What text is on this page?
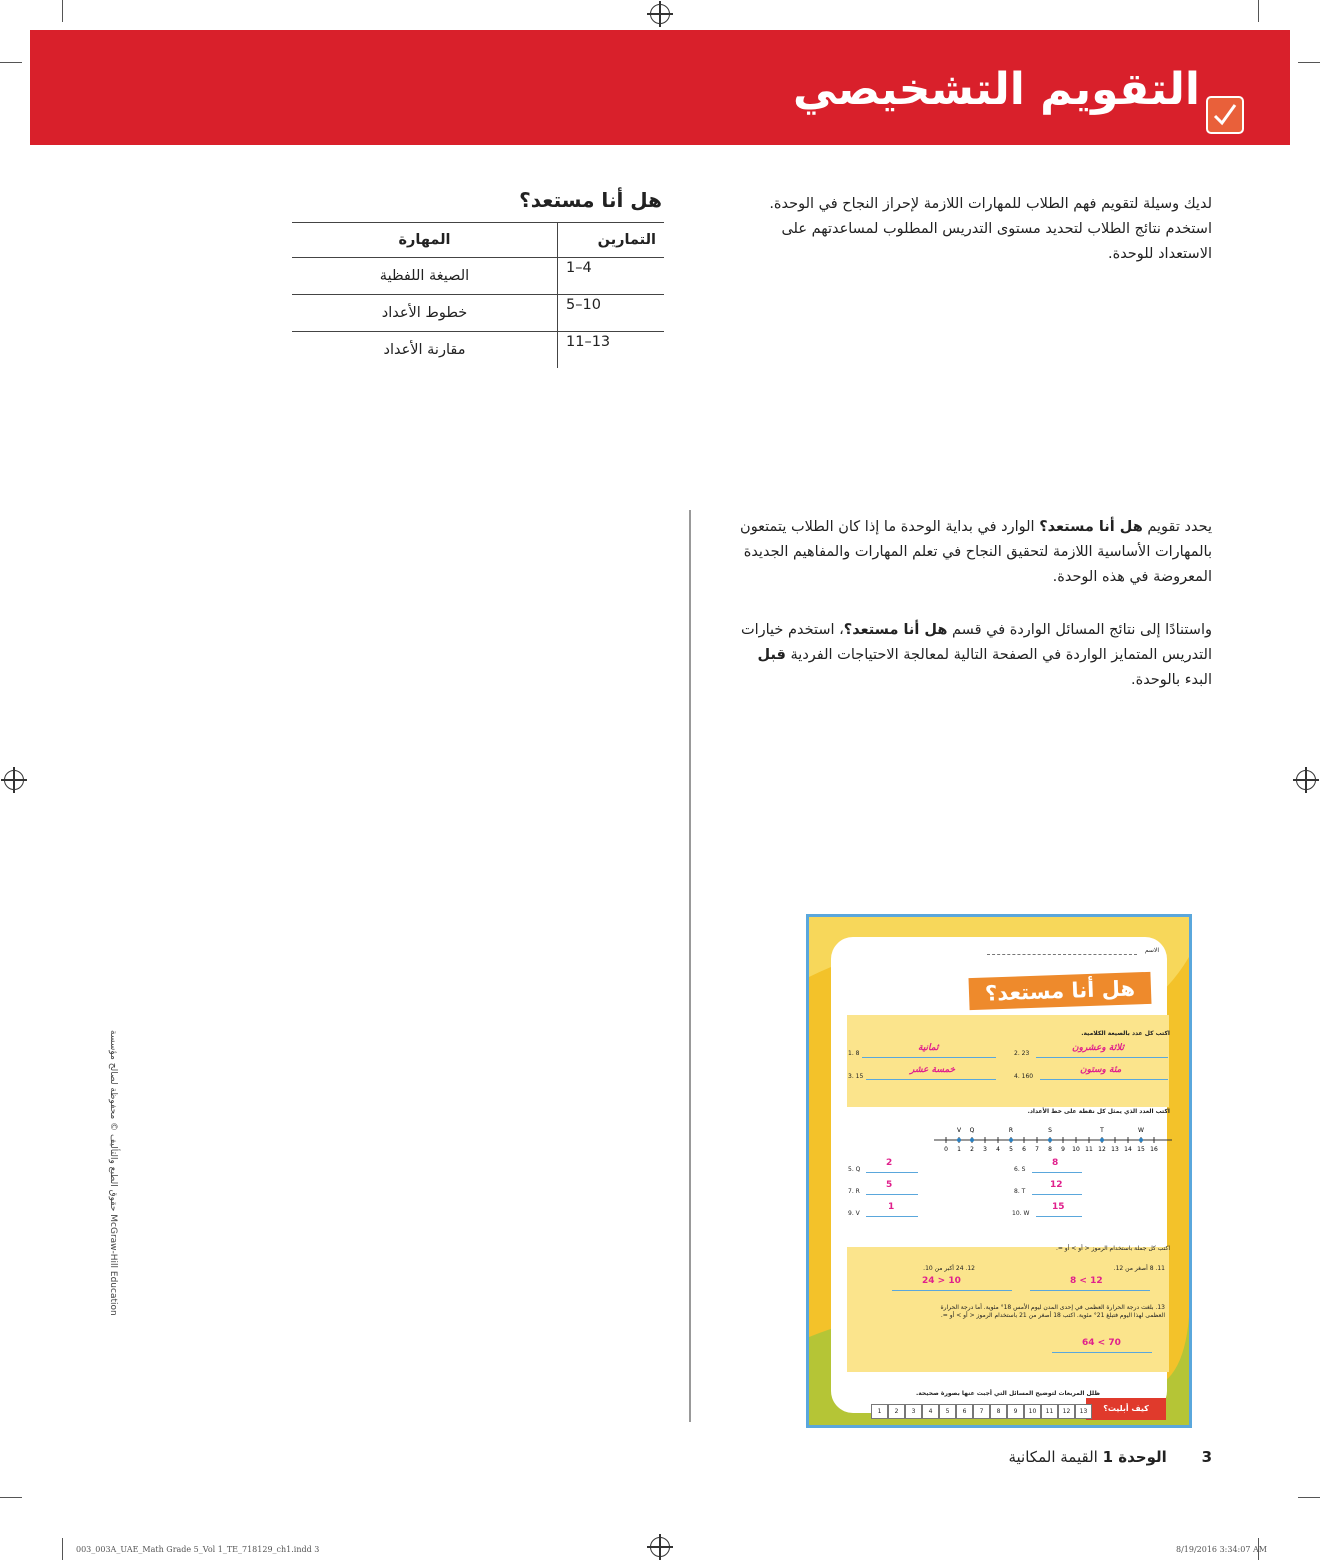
التقويم التشخيصي
لديك وسيلة لتقويم فهم الطلاب للمهارات اللازمة لإحراز النجاح في الوحدة. استخدم نتائج الطلاب لتحديد مستوى التدريس المطلوب لمساعدتهم على الاستعداد للوحدة.
هل أنا مستعد؟
التمارين	المهارة
1–4	الصيغة اللفظية
5–10	خطوط الأعداد
11–13	مقارنة الأعداد
يحدد تقويم هل أنا مستعد؟ الوارد في بداية الوحدة ما إذا كان الطلاب يتمتعون بالمهارات الأساسية اللازمة لتحقيق النجاح في تعلم المهارات والمفاهيم الجديدة المعروضة في هذه الوحدة.
واستنادًا إلى نتائج المسائل الواردة في قسم هل أنا مستعد؟، استخدم خيارات التدريس المتمايز الواردة في الصفحة التالية لمعالجة الاحتياجات الفردية قبل البدء بالوحدة.
حقوق الطبع والتأليف © محفوظة لصالح مؤسسة McGraw-Hill Education
الاسم
هل أنا مستعد؟
اكتب كل عدد بالصيغة الكلامية.
1. 8
ثمانية
2. 23
ثلاثة وعشرون
3. 15
خمسة عشر
4. 160
مئة وستون
اكتب العدد الذي يمثل كل نقطة على خط الأعداد.
0 1 2 3 4 5 6 7 8 9 10 11 12 13 14 15 16
V Q	R	S	T	W
5. Q
2
6. S
8
7. R
5
8. T
12
9. V
1
10. W
15
اكتب كل جملة باستخدام الرموز < أو > أو =.
11. 8 أصغر من 12.
8 < 12
12. 24 أكبر من 10.
24 > 10
13. بلغت درجة الحرارة العظمى في إحدى المدن ليوم الأمس 18° مئوية. أما درجة الحرارة العظمى لهذا اليوم فتبلغ 21° مئوية. اكتب 18 أصغر من 21 باستخدام الرموز < أو > أو =.
64 < 70
ظلل المربعات لتوضيح المسائل التي أجبت عنها بصورة صحيحة.
كيف أبليت؟
1	2	3	4	5	6	7	8	9	10	11	12	13
3 الوحدة 1 القيمة المكانية
003_003A_UAE_Math Grade 5_Vol 1_TE_718129_ch1.indd 3	8/19/2016 3:34:07 AM
